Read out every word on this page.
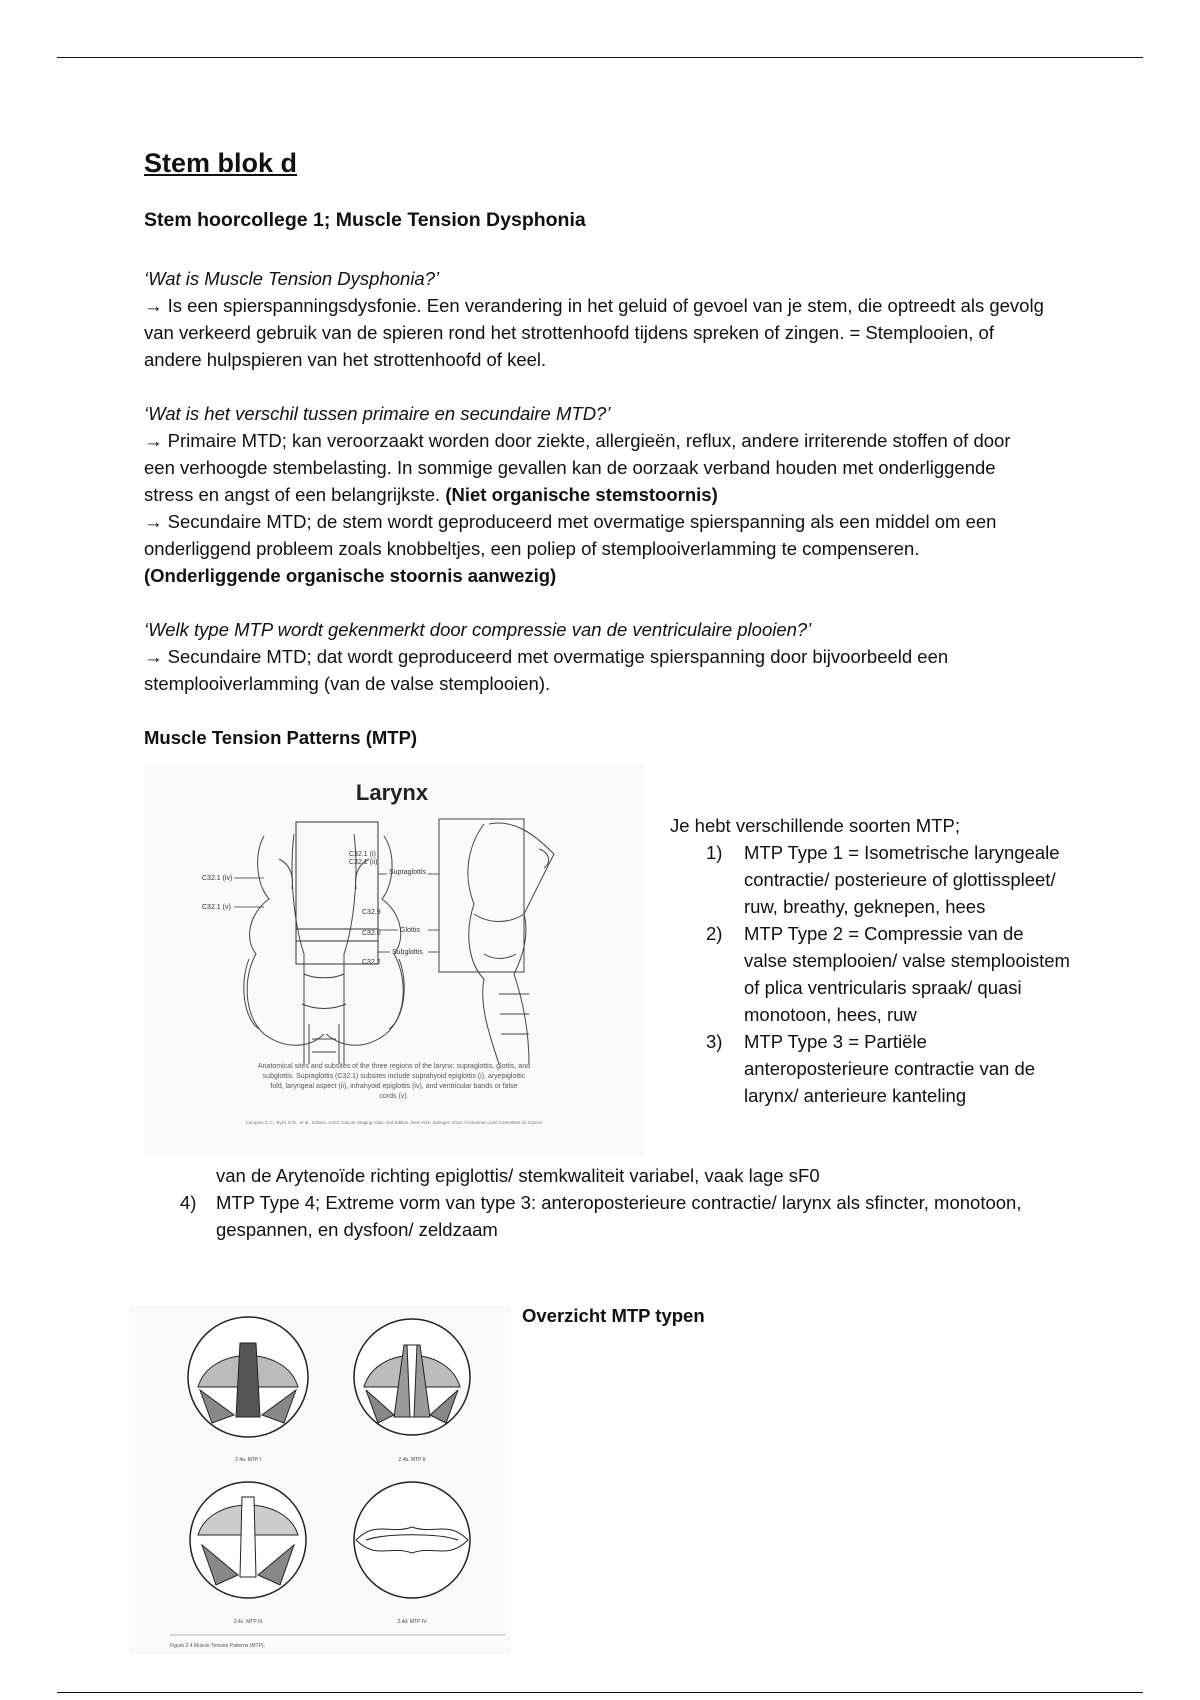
Stem blok d
Stem hoorcollege 1; Muscle Tension Dysphonia

‘Wat is Muscle Tension Dysphonia?’

→ Is een spierspanningsdysfonie. Een verandering in het geluid of gevoel van je stem, die optreedt als gevolg van verkeerd gebruik van de spieren rond het strottenhoofd tijdens spreken of zingen. = Stemplooien, of andere hulpspieren van het strottenhoofd of keel.

‘Wat is het verschil tussen primaire en secundaire MTD?’

→ Primaire MTD; kan veroorzaakt worden door ziekte, allergieën, reflux, andere irriterende stoffen of door een verhoogde stembelasting. In sommige gevallen kan de oorzaak verband houden met onderliggende stress en angst of een belangrijkste. (Niet organische stemstoornis)

→ Secundaire MTD; de stem wordt geproduceerd met overmatige spierspanning als een middel om een onderliggend probleem zoals knobbeltjes, een poliep of stemplooiverlamming te compenseren. (Onderliggende organische stoornis aanwezig)

‘Welk type MTP wordt gekenmerkt door compressie van de ventriculaire plooien?’

→ Secundaire MTD; dat wordt geproduceerd met overmatige spierspanning door bijvoorbeeld een stemplooiverlamming (van de valse stemplooien).

Muscle Tension Patterns (MTP)

Larynx
C32.1 (i)
C32.1 (ii)
C32.1 (iv)
C32.1 (v)
C32.9
C32.0
C32.2
Supraglottis
Glottis
Subglottis
Anatomical sites and subsites of the three regions of the larynx: supraglottis, glottis, and subglottis. Supraglottis (C32.1) subsites include suprahyoid epiglottis (i), aryepiglottic fold, laryngeal aspect (ii), infrahyoid epiglottis (iv), and ventricular bands or false cords (v).
Compton C.C., Byrd, D.R., et al., Editors. AJCC Cancer Staging Atlas, 2nd Edition. New York: Springer; 2012. ©American Joint Committee on Cancer

Je hebt verschillende soorten MTP;

1) MTP Type 1 = Isometrische laryngeale contractie/ posterieure of glottisspleet/ ruw, breathy, geknepen, hees
2) MTP Type 2 = Compressie van de valse stemplooien/ valse stemplooistem of plica ventricularis spraak/ quasi monotoon, hees, ruw
3) MTP Type 3 = Partiële anteroposterieure contractie van de larynx/ anterieure kanteling

van de Arytenoïde richting epiglottis/ stemkwaliteit variabel, vaak lage sF0

4) MTP Type 4; Extreme vorm van type 3: anteroposterieure contractie/ larynx als sfincter, monotoon, gespannen, en dysfoon/ zeldzaam

2.4a. MTP I	2.4b. MTP II
2.4c. MTP III	2.4d. MTP IV
Figure 2.4 Muscle Tension Patterns (MTP).

Overzicht MTP typen
